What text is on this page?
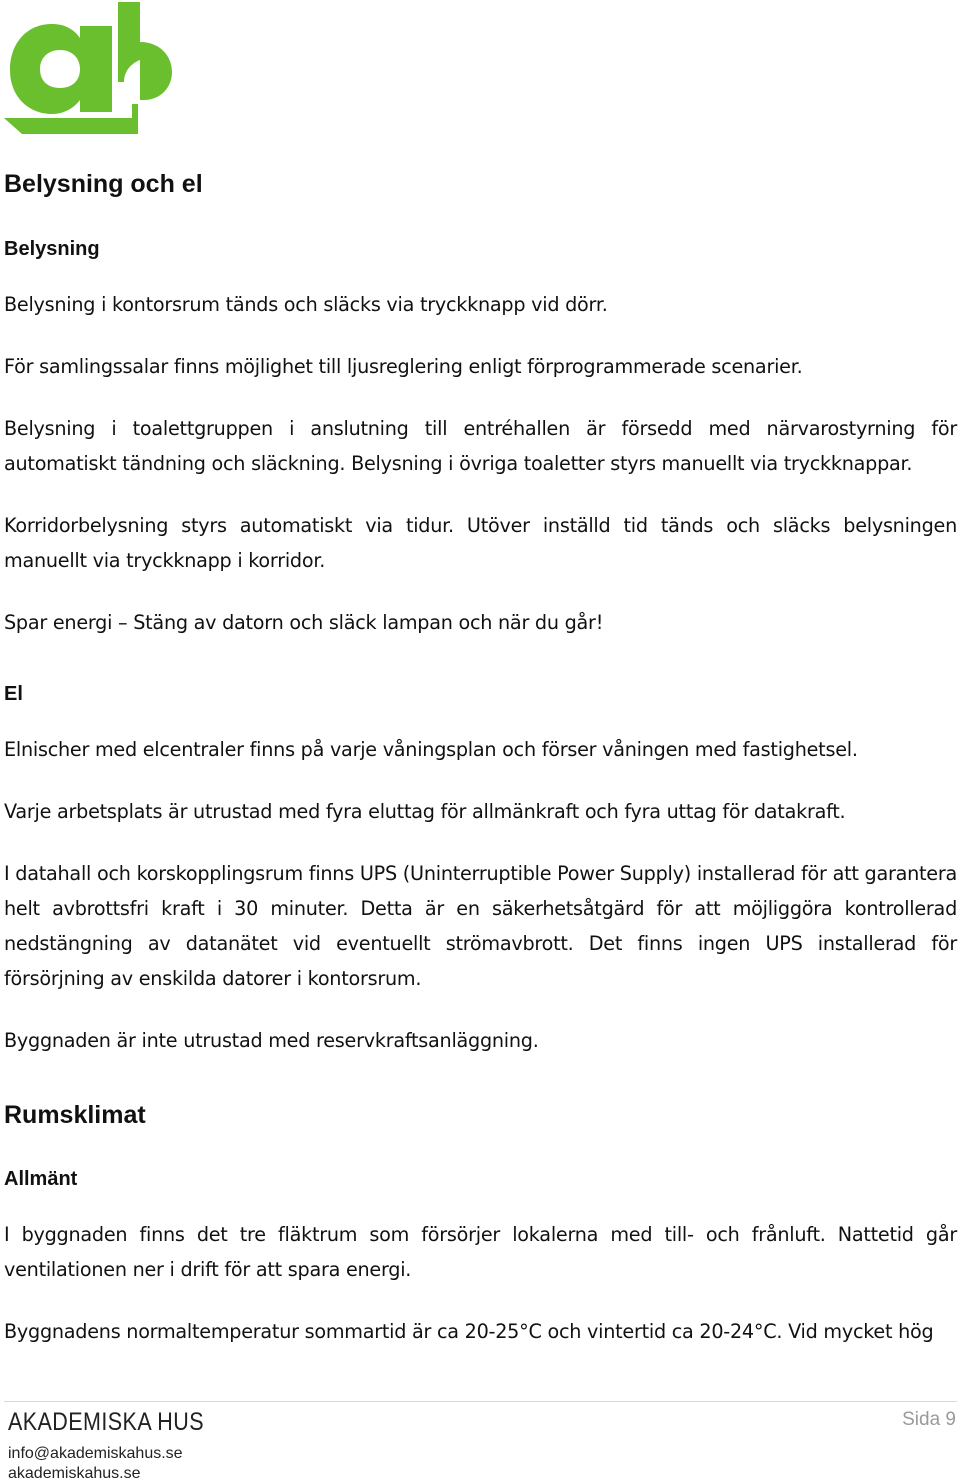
ah
Belysning och el
Belysning

Belysning i kontorsrum tänds och släcks via tryckknapp vid dörr.

För samlingssalar finns möjlighet till ljusreglering enligt förprogrammerade scenarier.

Belysning i toalettgruppen i anslutning till entréhallen är försedd med närvarostyrning för automatiskt tändning och släckning. Belysning i övriga toaletter styrs manuellt via tryckknappar.

Korridorbelysning styrs automatiskt via tidur. Utöver inställd tid tänds och släcks belysningen manuellt via tryckknapp i korridor.

Spar energi – Stäng av datorn och släck lampan och när du går!

El

Elnischer med elcentraler finns på varje våningsplan och förser våningen med fastighetsel.

Varje arbetsplats är utrustad med fyra eluttag för allmänkraft och fyra uttag för datakraft.

I datahall och korskopplingsrum finns UPS (Uninterruptible Power Supply) installerad för att garantera helt avbrottsfri kraft i 30 minuter. Detta är en säkerhetsåtgärd för att möjliggöra kontrollerad nedstängning av datanätet vid eventuellt strömavbrott. Det finns ingen UPS installerad för försörjning av enskilda datorer i kontorsrum.

Byggnaden är inte utrustad med reservkraftsanläggning.

Rumsklimat
Allmänt

I byggnaden finns det tre fläktrum som försörjer lokalerna med till- och frånluft. Nattetid går ventilationen ner i drift för att spara energi.

Byggnadens normaltemperatur sommartid är ca 20-25°C och vintertid ca 20-24°C. Vid mycket hög

AKADEMISKA HUS
info@akademiskahus.se
akademiskahus.se
Sida 9
